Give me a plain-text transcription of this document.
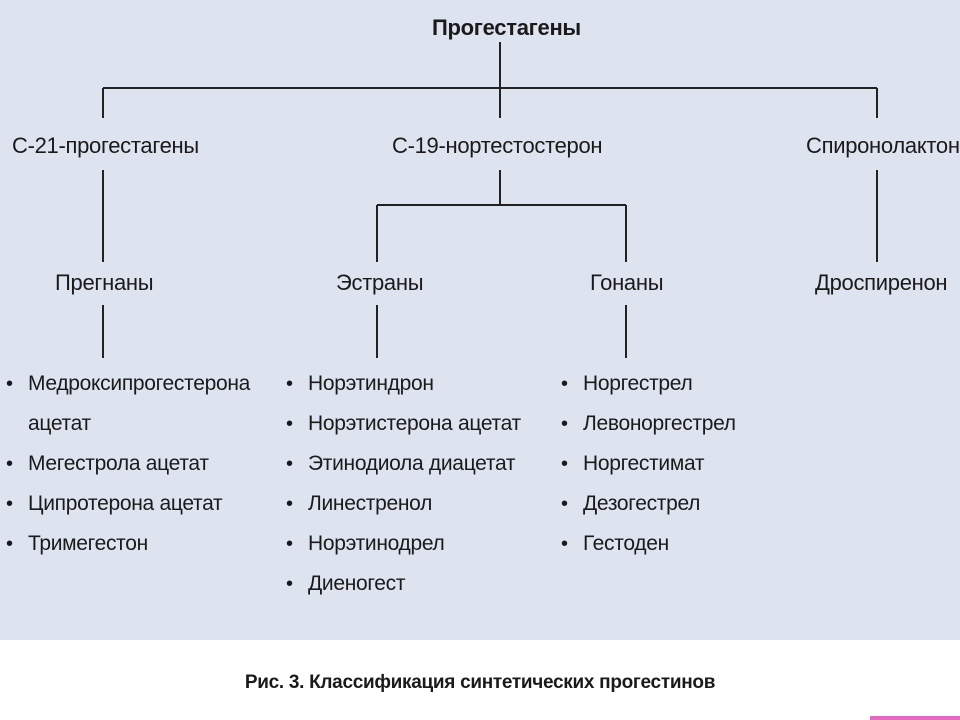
Прогестагены
С-21-прогестагены	С-19-нортестостерон	Спиронолактон
Прегнаны	Эстраны	Гонаны	Дроспиренон
• Медроксипрогестерона ацетат
• Мегестрола ацетат
• Ципротерона ацетат
• Тримегестон
• Норэтиндрон
• Норэтистерона ацетат
• Этинодиола диацетат
• Линестренол
• Норэтинодрел
• Диеногест
• Норгестрел
• Левоноргестрел
• Норгестимат
• Дезогестрел
• Гестоден
Рис. 3. Классификация синтетических прогестинов
